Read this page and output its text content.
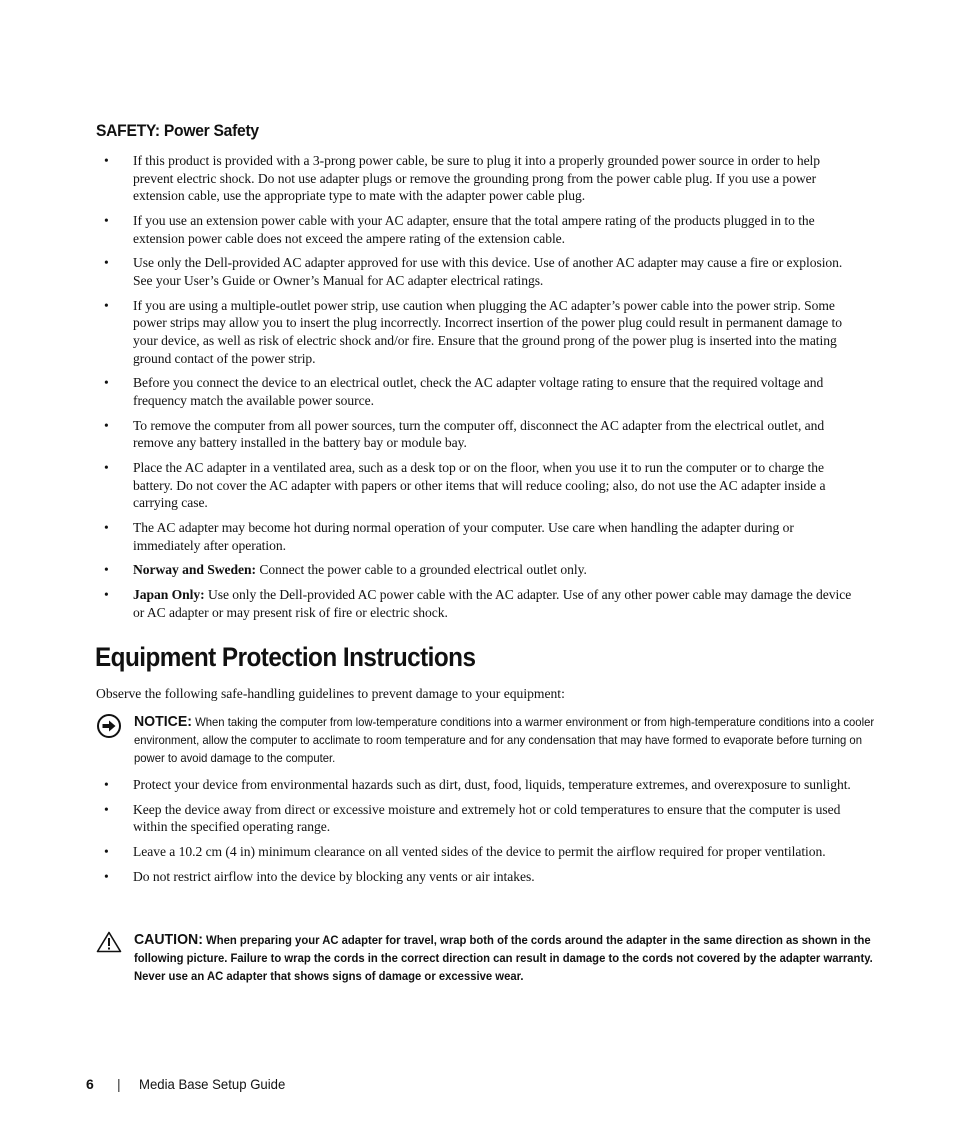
SAFETY: Power Safety
• If this product is provided with a 3-prong power cable, be sure to plug it into a properly grounded power source in order to help prevent electric shock. Do not use adapter plugs or remove the grounding prong from the power cable plug. If you use a power extension cable, use the appropriate type to mate with the adapter power cable plug.
• If you use an extension power cable with your AC adapter, ensure that the total ampere rating of the products plugged in to the extension power cable does not exceed the ampere rating of the extension cable.
• Use only the Dell-provided AC adapter approved for use with this device. Use of another AC adapter may cause a fire or explosion. See your User’s Guide or Owner’s Manual for AC adapter electrical ratings.
• If you are using a multiple-outlet power strip, use caution when plugging the AC adapter’s power cable into the power strip. Some power strips may allow you to insert the plug incorrectly. Incorrect insertion of the power plug could result in permanent damage to your device, as well as risk of electric shock and/or fire. Ensure that the ground prong of the power plug is inserted into the mating ground contact of the power strip.
• Before you connect the device to an electrical outlet, check the AC adapter voltage rating to ensure that the required voltage and frequency match the available power source.
• To remove the computer from all power sources, turn the computer off, disconnect the AC adapter from the electrical outlet, and remove any battery installed in the battery bay or module bay.
• Place the AC adapter in a ventilated area, such as a desk top or on the floor, when you use it to run the computer or to charge the battery. Do not cover the AC adapter with papers or other items that will reduce cooling; also, do not use the AC adapter inside a carrying case.
• The AC adapter may become hot during normal operation of your computer. Use care when handling the adapter during or immediately after operation.
• Norway and Sweden: Connect the power cable to a grounded electrical outlet only.
• Japan Only: Use only the Dell-provided AC power cable with the AC adapter. Use of any other power cable may damage the device or AC adapter or may present risk of fire or electric shock.
Equipment Protection Instructions
Observe the following safe-handling guidelines to prevent damage to your equipment:
NOTICE: When taking the computer from low-temperature conditions into a warmer environment or from high-temperature conditions into a cooler environment, allow the computer to acclimate to room temperature and for any condensation that may have formed to evaporate before turning on power to avoid damage to the computer.
• Protect your device from environmental hazards such as dirt, dust, food, liquids, temperature extremes, and overexposure to sunlight.
• Keep the device away from direct or excessive moisture and extremely hot or cold temperatures to ensure that the computer is used within the specified operating range.
• Leave a 10.2 cm (4 in) minimum clearance on all vented sides of the device to permit the airflow required for proper ventilation.
• Do not restrict airflow into the device by blocking any vents or air intakes.
CAUTION: When preparing your AC adapter for travel, wrap both of the cords around the adapter in the same direction as shown in the following picture. Failure to wrap the cords in the correct direction can result in damage to the cords not covered by the adapter warranty. Never use an AC adapter that shows signs of damage or excessive wear.
6 | Media Base Setup Guide
